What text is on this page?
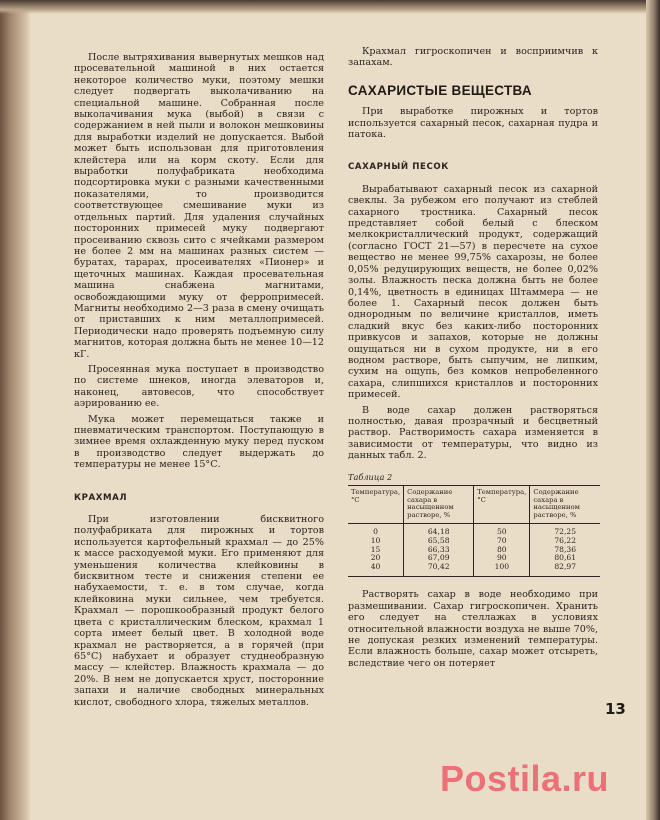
После вытряхивания вывернутых мешков над просевательной машиной в них остается некоторое количество муки, поэтому мешки следует подвергать выколачиванию на специальной машине. Собранная после выколачивания мука (выбой) в связи с содержанием в ней пыли и волокон мешковины для выработки изделий не допускается. Выбой может быть использован для приготовления клейстера или на корм скоту. Если для выработки полуфабриката необходима подсортировка муки с разными качественными показателями, то производится соответствующее смешивание муки из отдельных партий. Для удаления случайных посторонних примесей муку подвергают просеиванию сквозь сито с ячейками размером не более 2 мм на машинах разных систем — буратах, тарарах, просеивателях «Пионер» и щеточных машинах. Каждая просевательная машина снабжена магнитами, освобождающими муку от ферропримесей. Магниты необходимо 2—3 раза в смену очищать от приставших к ним металлопримесей. Периодически надо проверять подъемную силу магнитов, которая должна быть не менее 10—12 кГ.

Просеянная мука поступает в производство по системе шнеков, иногда элеваторов и, наконец, автовесов, что способствует аэрированию ее.

Мука может перемещаться также и пневматическим транспортом. Поступающую в зимнее время охлажденную муку перед пуском в производство следует выдержать до температуры не менее 15°С.

КРАХМАЛ

При изготовлении бисквитного полуфабриката для пирожных и тортов используется картофельный крахмал — до 25% к массе расходуемой муки. Его применяют для уменьшения количества клейковины в бисквитном тесте и снижения степени ее набухаемости, т. е. в том случае, когда клейковина муки сильнее, чем требуется. Крахмал — порошкообразный продукт белого цвета с кристаллическим блеском, крахмал 1 сорта имеет белый цвет. В холодной воде крахмал не растворяется, а в горячей (при 65°С) набухает и образует студнеобразную массу — клейстер. Влажность крахмала — до 20%. В нем не допускается хруст, посторонние запахи и наличие свободных минеральных кислот, свободного хлора, тяжелых металлов.

Крахмал гигроскопичен и восприимчив к запахам.

САХАРИСТЫЕ ВЕЩЕСТВА

При выработке пирожных и тортов используется сахарный песок, сахарная пудра и патока.

САХАРНЫЙ ПЕСОК

Вырабатывают сахарный песок из сахарной свеклы. За рубежом его получают из стеблей сахарного тростника. Сахарный песок представляет собой белый с блеском мелкокристаллический продукт, содержащий (согласно ГОСТ 21—57) в пересчете на сухое вещество не менее 99,75% сахарозы, не более 0,05% редуцирующих веществ, не более 0,02% золы. Влажность песка должна быть не более 0,14%, цветность в единицах Штаммера — не более 1. Сахарный песок должен быть однородным по величине кристаллов, иметь сладкий вкус без каких-либо посторонних привкусов и запахов, которые не должны ощущаться ни в сухом продукте, ни в его водном растворе, быть сыпучим, не липким, сухим на ощупь, без комков непробеленного сахара, слипшихся кристаллов и посторонних примесей.

В воде сахар должен растворяться полностью, давая прозрачный и бесцветный раствор. Растворимость сахара изменяется в зависимости от температуры, что видно из данных табл. 2.

Таблица 2
Температура, °С	Содержание сахара в насыщенном растворе, %	Температура, °С	Содержание сахара в насыщенном растворе, %
0	64,18	50	72,25
10	65,58	70	76,22
15	66,33	80	78,36
20	67,09	90	80,61
40	70,42	100	82,97

Растворять сахар в воде необходимо при размешивании. Сахар гигроскопичен. Хранить его следует на стеллажах в условиях относительной влажности воздуха не выше 70%, не допуская резких изменений температуры. Если влажность больше, сахар может отсыреть, вследствие чего он потеряет

13
Postila.ru
